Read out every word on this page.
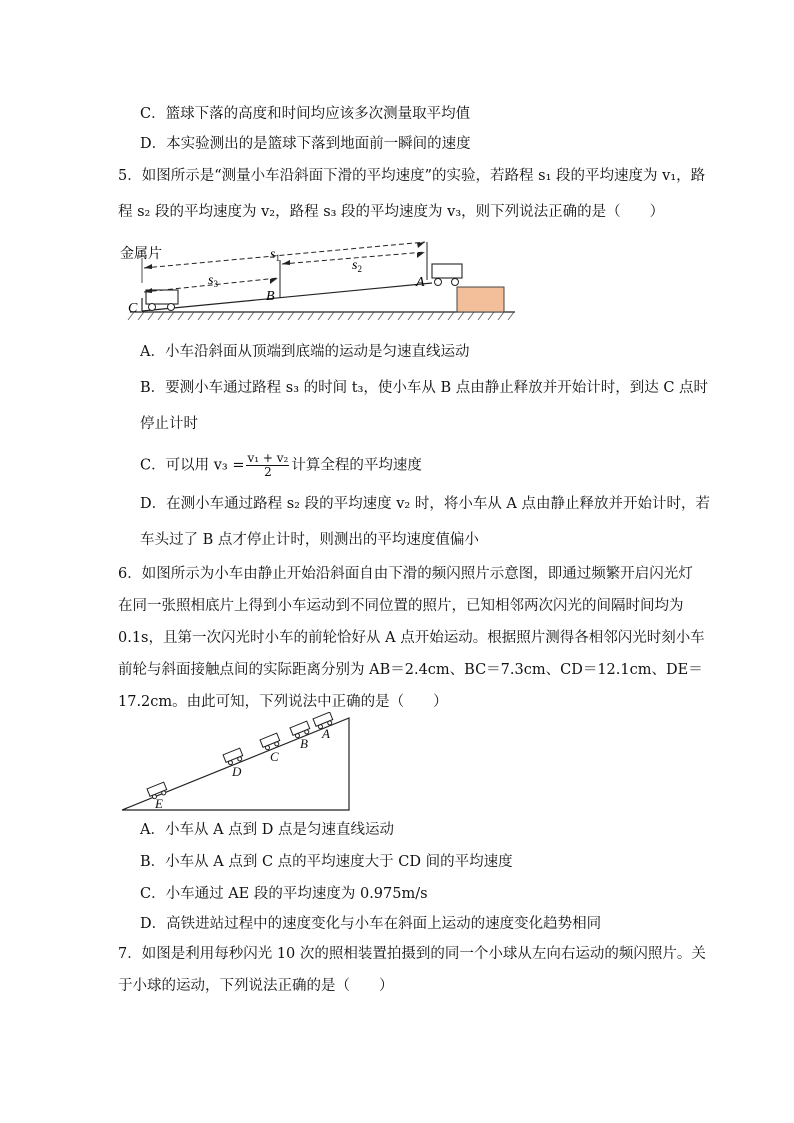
C．篮球下落的高度和时间均应该多次测量取平均值
D．本实验测出的是篮球下落到地面前一瞬间的速度
5．如图所示是“测量小车沿斜面下滑的平均速度”的实验，若路程 s₁ 段的平均速度为 v₁，路
程 s₂ 段的平均速度为 v₂，路程 s₃ 段的平均速度为 v₃，则下列说法正确的是（　　）
金属片	$s_1$	$s_2$
$s_3$	A
B
C
A．小车沿斜面从顶端到底端的运动是匀速直线运动
B．要测小车通过路程 s₃ 的时间 t₃，使小车从 B 点由静止释放并开始计时，到达 C 点时
停止计时
C．可以用 $v_3 = \frac{\text{v₁ + v₂}}{2}$ 计算全程的平均速度
D．在测小车通过路程 s₂ 段的平均速度 v₂ 时，将小车从 A 点由静止释放并开始计时，若
车头过了 B 点才停止计时，则测出的平均速度值偏小
6．如图所示为小车由静止开始沿斜面自由下滑的频闪照片示意图，即通过频繁开启闪光灯
在同一张照相底片上得到小车运动到不同位置的照片，已知相邻两次闪光的间隔时间均为
0.1s，且第一次闪光时小车的前轮恰好从 A 点开始运动。根据照片测得各相邻闪光时刻小车
前轮与斜面接触点间的实际距离分别为 AB＝2.4cm、BC＝7.3cm、CD＝12.1cm、DE＝
17.2cm。由此可知，下列说法中正确的是（　　）
E
D
C
B
A
A．小车从 A 点到 D 点是匀速直线运动
B．小车从 A 点到 C 点的平均速度大于 CD 间的平均速度
C．小车通过 AE 段的平均速度为 0.975m/s
D．高铁进站过程中的速度变化与小车在斜面上运动的速度变化趋势相同
7．如图是利用每秒闪光 10 次的照相装置拍摄到的同一个小球从左向右运动的频闪照片。关
于小球的运动，下列说法正确的是（　　）
